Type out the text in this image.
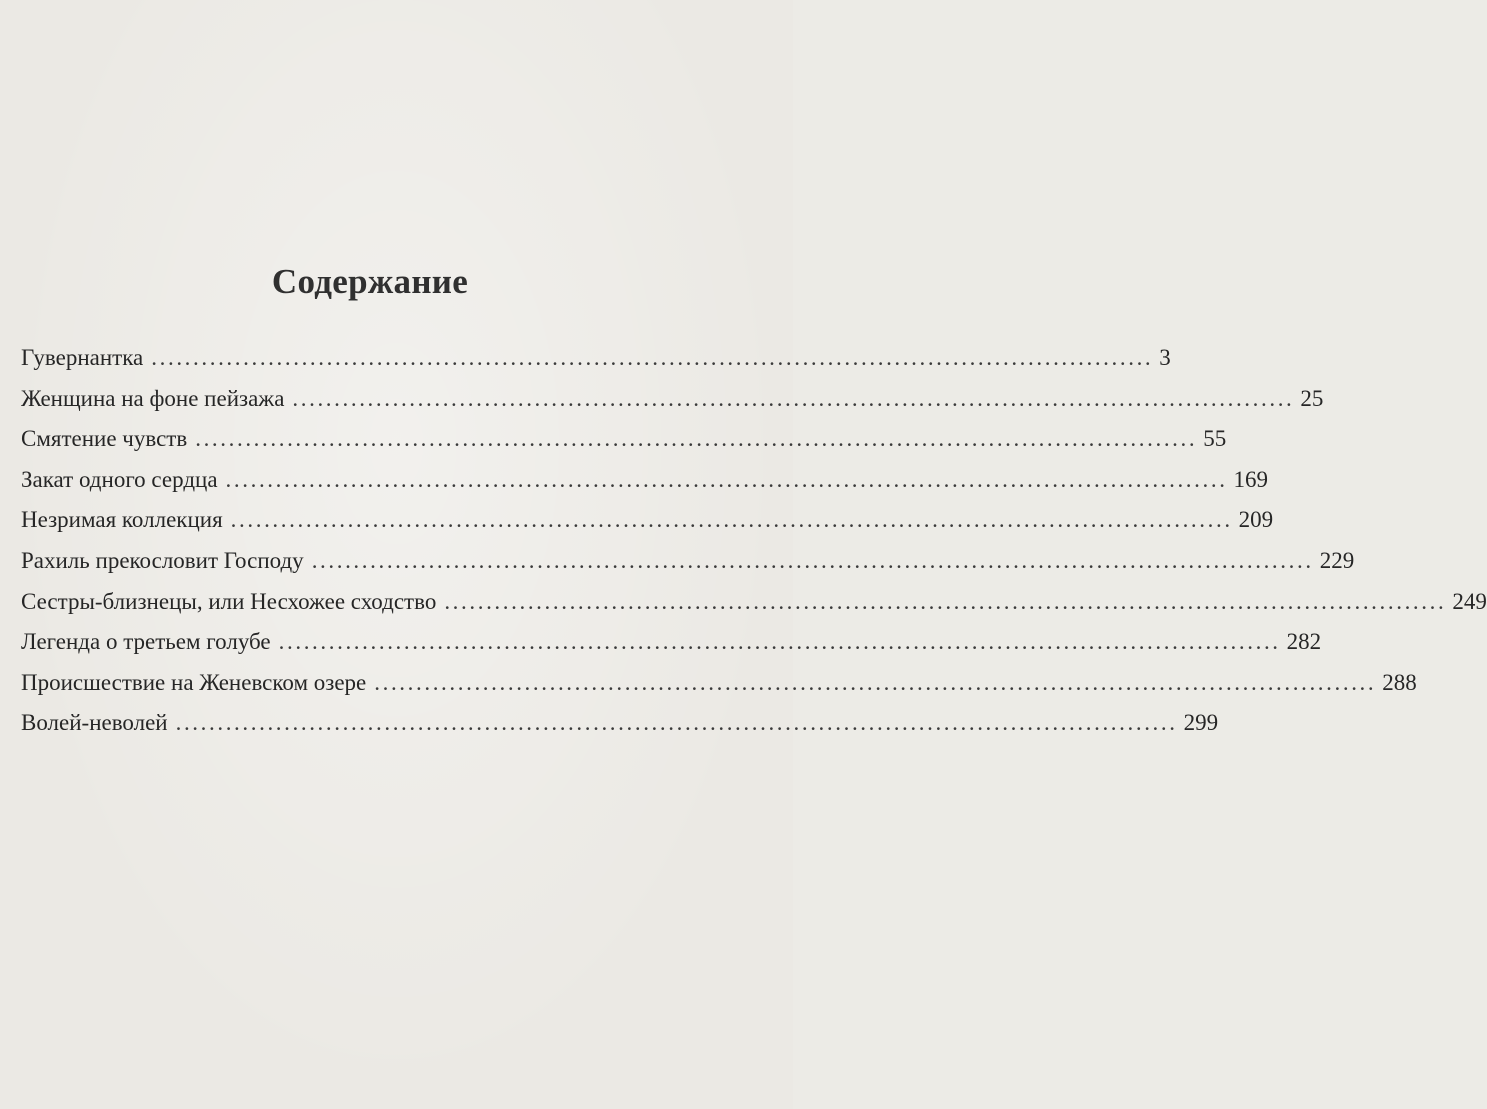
Содержание
Гувернантка ........................................................................................................................ 3
Женщина на фоне пейзажа ........................................................................................................................ 25
Смятение чувств ........................................................................................................................ 55
Закат одного сердца ........................................................................................................................ 169
Незримая коллекция ........................................................................................................................ 209
Рахиль прекословит Господу ........................................................................................................................ 229
Сестры-близнецы, или Несхожее сходство ........................................................................................................................ 249
Легенда о третьем голубе ........................................................................................................................ 282
Происшествие на Женевском озере ........................................................................................................................ 288
Волей-неволей ........................................................................................................................ 299
